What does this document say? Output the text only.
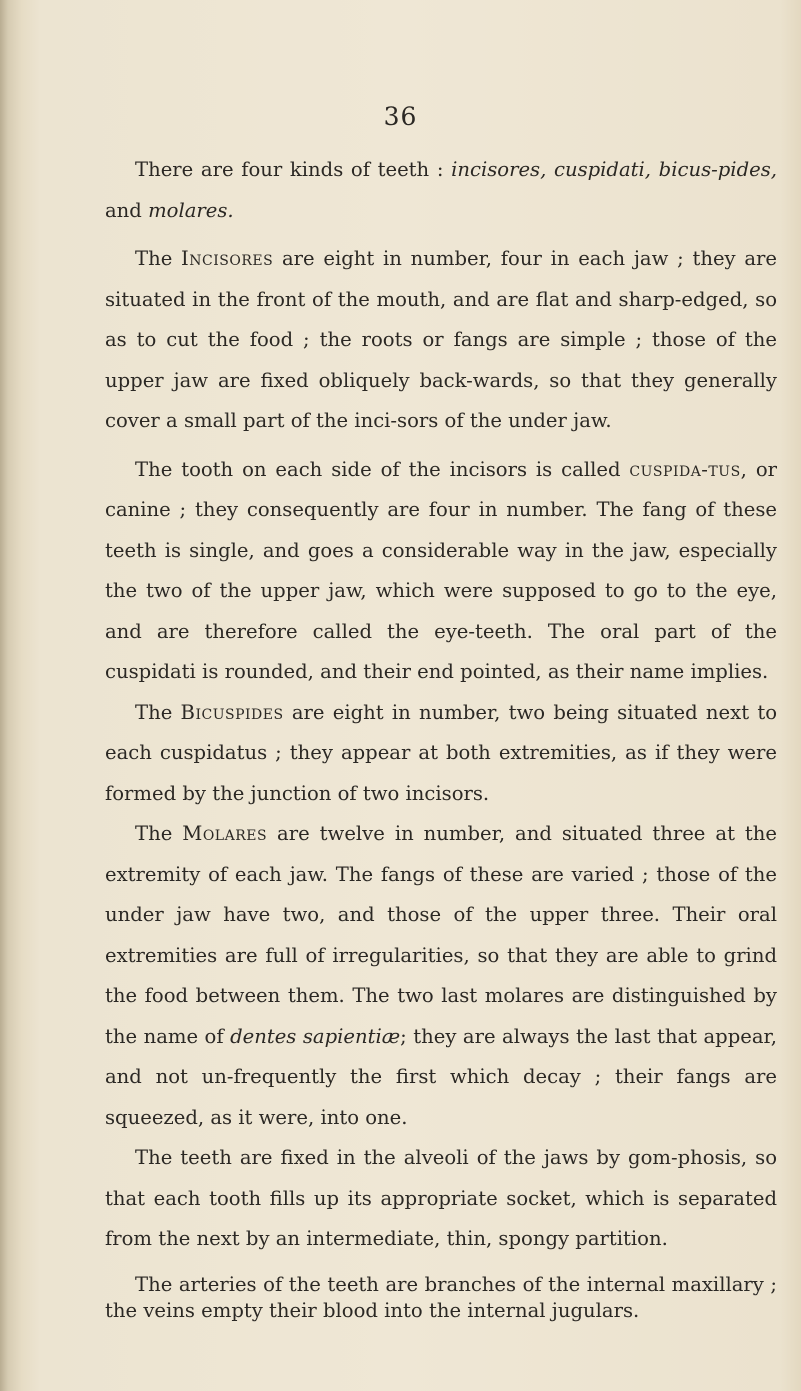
36

There are four kinds of teeth : incisores, cuspidati, bicus-pides, and molares.

The Incisores are eight in number, four in each jaw ; they are situated in the front of the mouth, and are flat and sharp-edged, so as to cut the food ; the roots or fangs are simple ; those of the upper jaw are fixed obliquely back-wards, so that they generally cover a small part of the inci-sors of the under jaw.

The tooth on each side of the incisors is called cuspida-tus, or canine ; they consequently are four in number. The fang of these teeth is single, and goes a considerable way in the jaw, especially the two of the upper jaw, which were supposed to go to the eye, and are therefore called the eye-teeth. The oral part of the cuspidati is rounded, and their end pointed, as their name implies.

The Bicuspides are eight in number, two being situated next to each cuspidatus ; they appear at both extremities, as if they were formed by the junction of two incisors.

The Molares are twelve in number, and situated three at the extremity of each jaw. The fangs of these are varied ; those of the under jaw have two, and those of the upper three. Their oral extremities are full of irregularities, so that they are able to grind the food between them. The two last molares are distinguished by the name of dentes sapientiæ; they are always the last that appear, and not un-frequently the first which decay ; their fangs are squeezed, as it were, into one.

The teeth are fixed in the alveoli of the jaws by gom-phosis, so that each tooth fills up its appropriate socket, which is separated from the next by an intermediate, thin, spongy partition.

The arteries of the teeth are branches of the internal maxillary ; the veins empty their blood into the internal jugulars.
